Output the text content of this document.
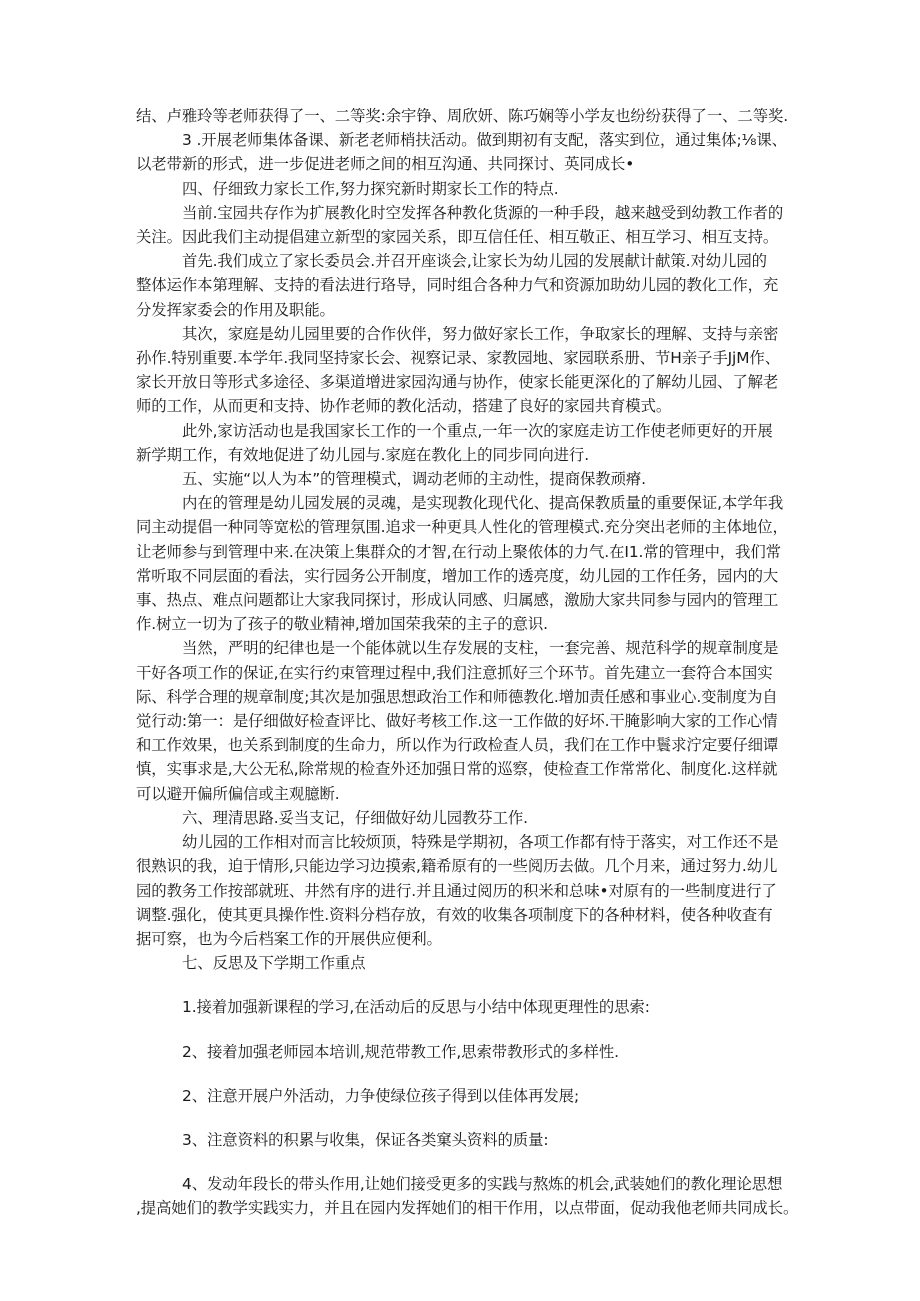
结、卢雅玲等老师获得了一、二等奖:余宇铮、周欣妍、陈巧娴等小学友也纷纷获得了一、二等奖.

3 .开展老师集体备课、新老老师梢扶活动。做到期初有支配，落实到位，通过集体;⅛课、

以老带新的形式，进一步促进老师之间的相互沟通、共同探讨、英同成长•

四、仔细致力家长工作,努力探究新时期家长工作的特点.

当前.宝园共存作为扩展教化时空发挥各种教化货源的一种手段，越来越受到幼教工作者的

关注。因此我们主动提倡建立新型的家园关系，即互信任任、相互敬正、相互学习、相互支持。

首先.我们成立了家长委员会.并召开座谈会,让家长为幼儿园的发展献计献策.对幼儿园的

整体运作本第理解、支持的看法进行珞导，同时组合各种力气和资源加助幼儿园的教化工作，充

分发挥家委会的作用及职能。

其次，家庭是幼儿园里要的合作伙伴，努力做好家长工作，争取家长的理解、支持与亲密

孙作.特别重要.本学年.我同坚持家长会、视察记录、家教园地、家园联系册、节H亲子手JjM作、

家长开放日等形式多途径、多渠道增进家园沟通与协作，使家长能更深化的了解幼儿园、了解老

师的工作，从而更和支持、协作老师的教化活动，搭建了良好的家园共育模式。

此外,家访活动也是我国家长工作的一个重点,一年一次的家庭走访工作使老师更好的开展

新学期工作，有效地促进了幼儿园与.家庭在教化上的同步同向进行.

五、实施“以人为本”的管理模式，调动老师的主动性，提商保教顽瘠.

内在的管理是幼儿园发展的灵魂，是实现教化现代化、提高保教质量的重要保证,本学年我

同主动提倡一种同等宽松的管理氛围.追求一种更具人性化的管理模式.充分突出老师的主体地位，

让老师参与到管理中来.在决策上集群众的才智,在行动上聚侬体的力气.在I1.常的管理中，我们常

常听取不同层面的看法，实行园务公开制度，增加工作的透亮度，幼儿园的工作任务，园内的大

事、热点、难点问题都让大家我同探讨，形成认同感、归属感，激励大家共同参与园内的管理工

作.树立一切为了孩子的敬业精神,增加国荣我荣的主子的意识.

当然，严明的纪律也是一个能体就以生存发展的支柱，一套完善、规范科学的规章制度是

干好各项工作的保证,在实行约束管理过程中,我们注意抓好三个环节。首先建立一套符合本国实

际、科学合理的规章制度;其次是加强思想政治工作和师德教化.增加责任感和事业心.变制度为自

觉行动:第一：是仔细做好检查评比、做好考核工作.这一工作做的好坏.干腌影响大家的工作心情

和工作效果，也关系到制度的生命力，所以作为行政检查人员，我们在工作中鬟求泞定要仔细谭

慎，实事求是,大公无私,除常规的检查外还加强日常的巡察，使检查工作常常化、制度化.这样就

可以避开偏所偏信或主观臆断.

六、理清思路.妥当支记，仔细做好幼儿园教芬工作.

幼儿园的工作相对而言比较烦顶，特殊是学期初，各项工作都有恃于落实，对工作还不是

很熟识的我，迫于情形,只能边学习边摸索,籍希原有的一些阅历去做。几个月来，通过努力.幼儿

园的教务工作按部就班、井然有序的进行.并且通过阅历的积米和总味•对原有的一些制度进行了

调整.强化，使其更具操作性.资料分档存放，有效的收集各项制度下的各种材料，使各种收査有

据可察，也为今后档案工作的开展供应便利。

七、反思及下学期工作重点

1.接着加强新课程的学习,在活动后的反思与小结中体现更理性的思索:

2、接着加强老师园本培训,规范带教工作,思索带教形式的多样性.

2、注意开展户外活动，力争使绿位孩子得到以佳体再发展;

3、注意资料的积累与收集，保证各类窠头资料的质量:

4、发动年段长的带头作用,让她们接受更多的实践与熬炼的机会,武装她们的教化理论思想

,提高她们的教学实践实力，并且在园内发挥她们的相干作用，以点带面，促动我他老师共同成长。
